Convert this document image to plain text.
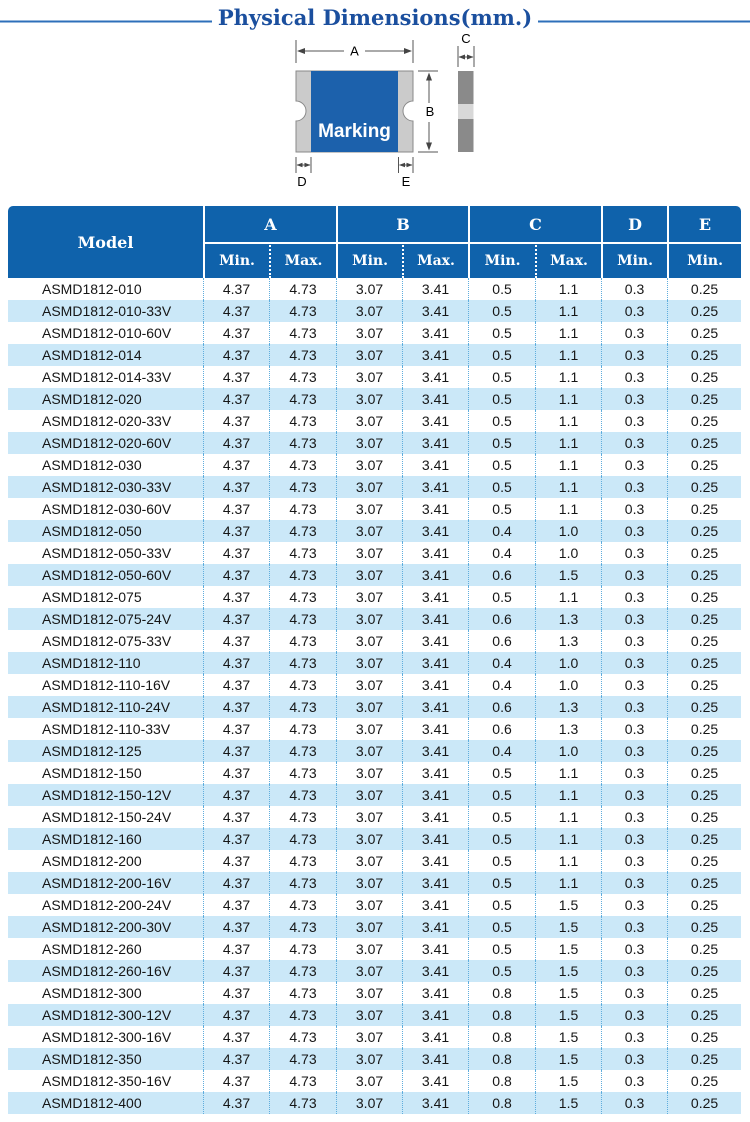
Physical Dimensions(mm.)
A
Marking
B
C
D	E
Model	A		B		C		D	E
	Min.	Max.	Min.	Max.	Min.	Max.	Min.	Min.
ASMD1812-010	4.37	4.73	3.07	3.41	0.5	1.1	0.3	0.25
ASMD1812-010-33V	4.37	4.73	3.07	3.41	0.5	1.1	0.3	0.25
ASMD1812-010-60V	4.37	4.73	3.07	3.41	0.5	1.1	0.3	0.25
ASMD1812-014	4.37	4.73	3.07	3.41	0.5	1.1	0.3	0.25
ASMD1812-014-33V	4.37	4.73	3.07	3.41	0.5	1.1	0.3	0.25
ASMD1812-020	4.37	4.73	3.07	3.41	0.5	1.1	0.3	0.25
ASMD1812-020-33V	4.37	4.73	3.07	3.41	0.5	1.1	0.3	0.25
ASMD1812-020-60V	4.37	4.73	3.07	3.41	0.5	1.1	0.3	0.25
ASMD1812-030	4.37	4.73	3.07	3.41	0.5	1.1	0.3	0.25
ASMD1812-030-33V	4.37	4.73	3.07	3.41	0.5	1.1	0.3	0.25
ASMD1812-030-60V	4.37	4.73	3.07	3.41	0.5	1.1	0.3	0.25
ASMD1812-050	4.37	4.73	3.07	3.41	0.4	1.0	0.3	0.25
ASMD1812-050-33V	4.37	4.73	3.07	3.41	0.4	1.0	0.3	0.25
ASMD1812-050-60V	4.37	4.73	3.07	3.41	0.6	1.5	0.3	0.25
ASMD1812-075	4.37	4.73	3.07	3.41	0.5	1.1	0.3	0.25
ASMD1812-075-24V	4.37	4.73	3.07	3.41	0.6	1.3	0.3	0.25
ASMD1812-075-33V	4.37	4.73	3.07	3.41	0.6	1.3	0.3	0.25
ASMD1812-110	4.37	4.73	3.07	3.41	0.4	1.0	0.3	0.25
ASMD1812-110-16V	4.37	4.73	3.07	3.41	0.4	1.0	0.3	0.25
ASMD1812-110-24V	4.37	4.73	3.07	3.41	0.6	1.3	0.3	0.25
ASMD1812-110-33V	4.37	4.73	3.07	3.41	0.6	1.3	0.3	0.25
ASMD1812-125	4.37	4.73	3.07	3.41	0.4	1.0	0.3	0.25
ASMD1812-150	4.37	4.73	3.07	3.41	0.5	1.1	0.3	0.25
ASMD1812-150-12V	4.37	4.73	3.07	3.41	0.5	1.1	0.3	0.25
ASMD1812-150-24V	4.37	4.73	3.07	3.41	0.5	1.1	0.3	0.25
ASMD1812-160	4.37	4.73	3.07	3.41	0.5	1.1	0.3	0.25
ASMD1812-200	4.37	4.73	3.07	3.41	0.5	1.1	0.3	0.25
ASMD1812-200-16V	4.37	4.73	3.07	3.41	0.5	1.1	0.3	0.25
ASMD1812-200-24V	4.37	4.73	3.07	3.41	0.5	1.5	0.3	0.25
ASMD1812-200-30V	4.37	4.73	3.07	3.41	0.5	1.5	0.3	0.25
ASMD1812-260	4.37	4.73	3.07	3.41	0.5	1.5	0.3	0.25
ASMD1812-260-16V	4.37	4.73	3.07	3.41	0.5	1.5	0.3	0.25
ASMD1812-300	4.37	4.73	3.07	3.41	0.8	1.5	0.3	0.25
ASMD1812-300-12V	4.37	4.73	3.07	3.41	0.8	1.5	0.3	0.25
ASMD1812-300-16V	4.37	4.73	3.07	3.41	0.8	1.5	0.3	0.25
ASMD1812-350	4.37	4.73	3.07	3.41	0.8	1.5	0.3	0.25
ASMD1812-350-16V	4.37	4.73	3.07	3.41	0.8	1.5	0.3	0.25
ASMD1812-400	4.37	4.73	3.07	3.41	0.8	1.5	0.3	0.25
